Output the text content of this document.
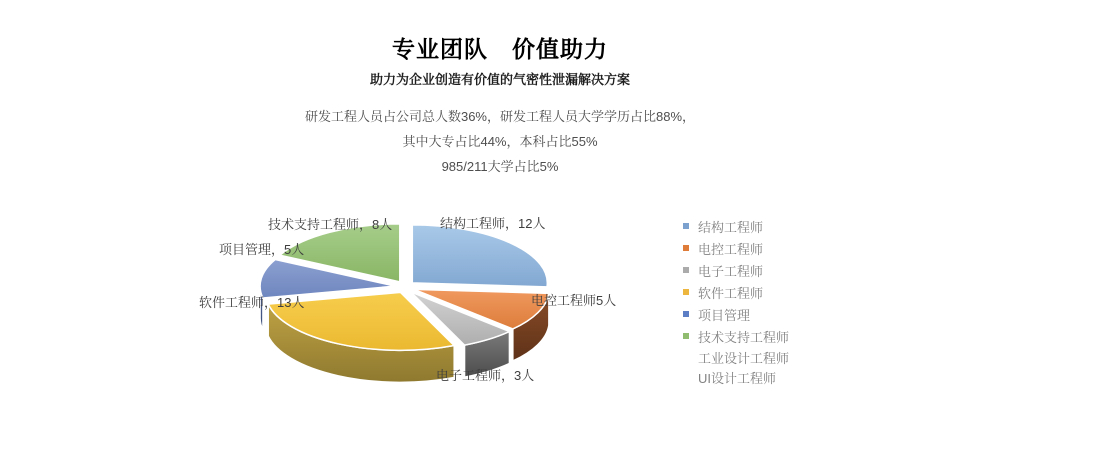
专业团队　价值助力
助力为企业创造有价值的气密性泄漏解决方案
研发工程人员占公司总人数36%，研发工程人员大学学历占比88%，
其中大专占比44%，本科占比55%
985/211大学占比5%
技术支持工程师，8人	结构工程师，12人
项目管理，5人
软件工程师，13人	电控工程师5人
电子工程师，3人
结构工程师
电控工程师
电子工程师
软件工程师
项目管理
技术支持工程师
工业设计工程师
UI设计工程师
